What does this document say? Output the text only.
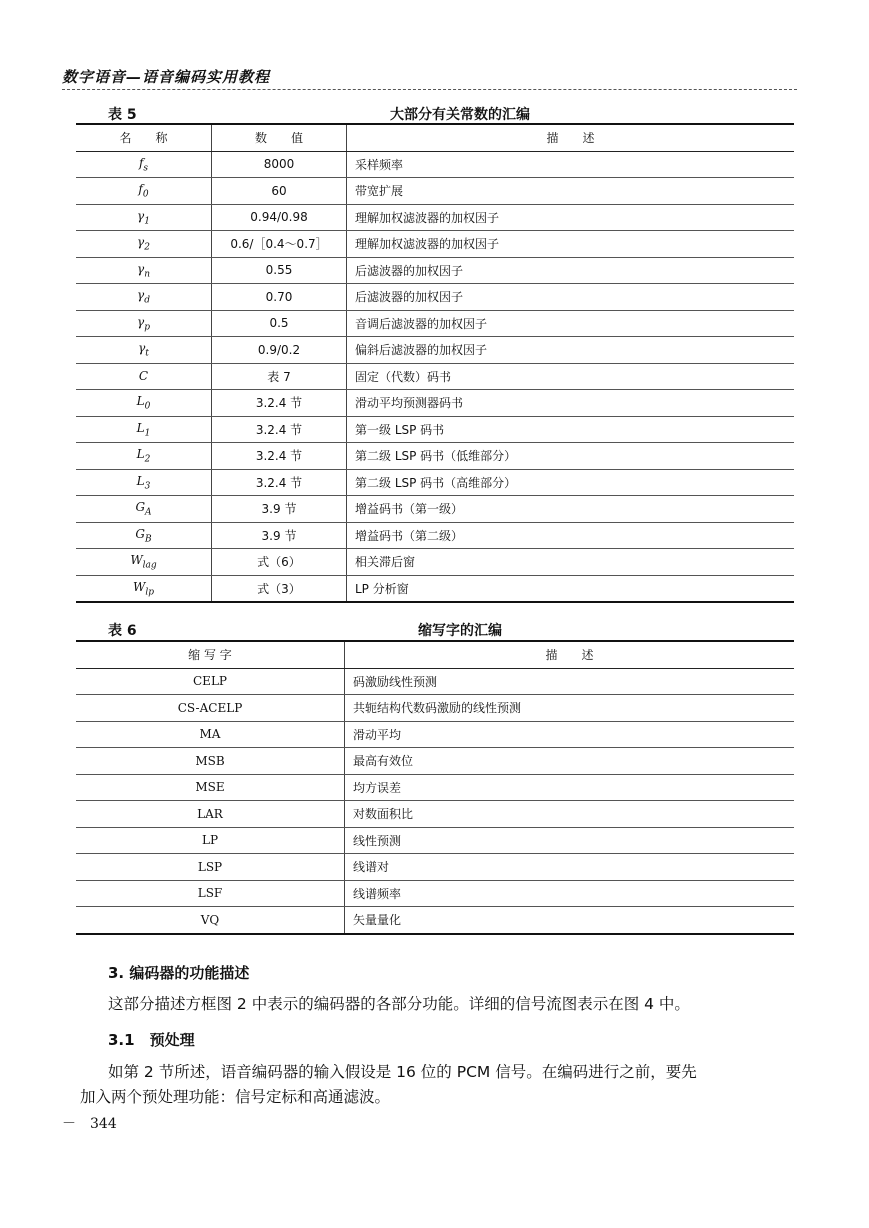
数字语音—语音编码实用教程
表 5	大部分有关常数的汇编
名　　称	数　　值	描　　述
$f_s$	8000	采样频率
$f_0$	60	带宽扩展
$\gamma_1$	0.94/0.98	理解加权滤波器的加权因子
$\gamma_2$	0.6/［0.4～0.7］	理解加权滤波器的加权因子
$\gamma_n$	0.55	后滤波器的加权因子
$\gamma_d$	0.70	后滤波器的加权因子
$\gamma_p$	0.5	音调后滤波器的加权因子
$\gamma_t$	0.9/0.2	偏斜后滤波器的加权因子
C	表 7	固定（代数）码书
$L_0$	3.2.4 节	滑动平均预测器码书
$L_1$	3.2.4 节	第一级 LSP 码书
$L_2$	3.2.4 节	第二级 LSP 码书（低维部分）
$L_3$	3.2.4 节	第二级 LSP 码书（高维部分）
$G_A$	3.9 节	增益码书（第一级）
$G_B$	3.9 节	增益码书（第二级）
$W_{lag}$	式（6）	相关滞后窗
$W_{lp}$	式（3）	LP 分析窗
表 6	缩写字的汇编
缩 写 字	描　　述
CELP	码激励线性预测
CS-ACELP	共轭结构代数码激励的线性预测
MA	滑动平均
MSB	最高有效位
MSE	均方误差
LAR	对数面积比
LP	线性预测
LSP	线谱对
LSF	线谱频率
VQ	矢量量化
3. 编码器的功能描述
这部分描述方框图 2 中表示的编码器的各部分功能。详细的信号流图表示在图 4 中。
3.1　预处理
如第 2 节所述，语音编码器的输入假设是 16 位的 PCM 信号。在编码进行之前，要先
加入两个预处理功能：信号定标和高通滤波。
－　344
